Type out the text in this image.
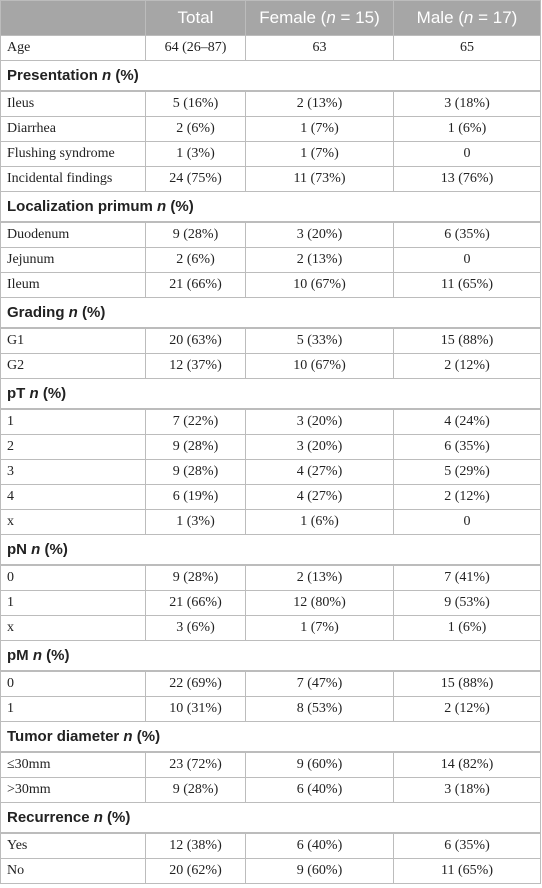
	Total	Female (n = 15)	Male (n = 17)
Age	64 (26–87)	63	65
Presentation n (%)			
Ileus	5 (16%)	2 (13%)	3 (18%)
Diarrhea	2 (6%)	1 (7%)	1 (6%)
Flushing syndrome	1 (3%)	1 (7%)	0
Incidental findings	24 (75%)	11 (73%)	13 (76%)
Localization primum n (%)			
Duodenum	9 (28%)	3 (20%)	6 (35%)
Jejunum	2 (6%)	2 (13%)	0
Ileum	21 (66%)	10 (67%)	11 (65%)
Grading n (%)			
G1	20 (63%)	5 (33%)	15 (88%)
G2	12 (37%)	10 (67%)	2 (12%)
pT n (%)			
1	7 (22%)	3 (20%)	4 (24%)
2	9 (28%)	3 (20%)	6 (35%)
3	9 (28%)	4 (27%)	5 (29%)
4	6 (19%)	4 (27%)	2 (12%)
x	1 (3%)	1 (6%)	0
pN n (%)			
0	9 (28%)	2 (13%)	7 (41%)
1	21 (66%)	12 (80%)	9 (53%)
x	3 (6%)	1 (7%)	1 (6%)
pM n (%)			
0	22 (69%)	7 (47%)	15 (88%)
1	10 (31%)	8 (53%)	2 (12%)
Tumor diameter n (%)			
≤30mm	23 (72%)	9 (60%)	14 (82%)
>30mm	9 (28%)	6 (40%)	3 (18%)
Recurrence n (%)			
Yes	12 (38%)	6 (40%)	6 (35%)
No	20 (62%)	9 (60%)	11 (65%)
